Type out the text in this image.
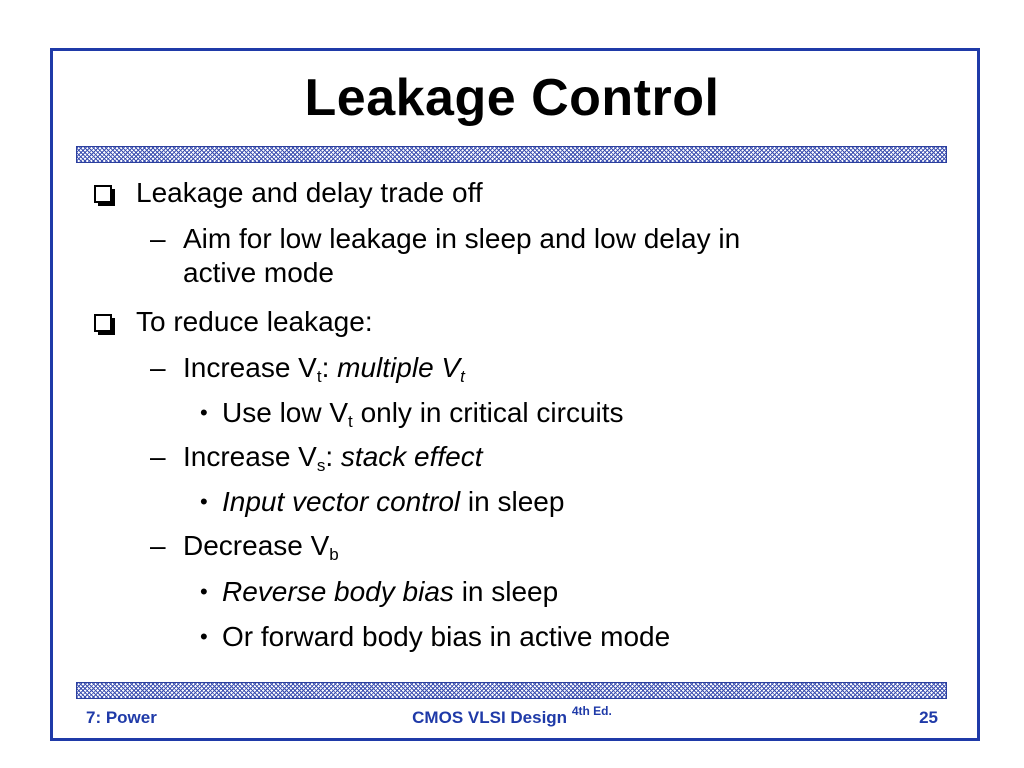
Leakage Control
Leakage and delay trade off
– Aim for low leakage in sleep and low delay in
active mode
To reduce leakage:
– Increase $V_t$: multiple $V_t$
• Use low $V_t$ only in critical circuits
– Increase $V_s$: stack effect
• Input vector control in sleep
– Decrease $V_b$
• Reverse body bias in sleep
• Or forward body bias in active mode
7: Power	CMOS VLSI Design $^{4th Ed.}$	25
